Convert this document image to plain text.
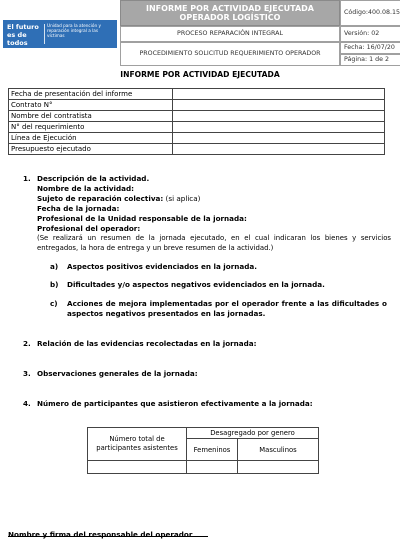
El futuro es de todos
Unidad para la atención y reparación integral a las víctimas
INFORME POR ACTIVIDAD EJECUTADA OPERADOR LOGÍSTICO
PROCESO REPARACIÓN INTEGRAL
PROCEDIMIENTO SOLICITUD REQUERIMIENTO OPERADOR
Código:400.08.15
Versión: 02
Fecha: 16/07/20
Página: 1 de 2
INFORME POR ACTIVIDAD EJECUTADA
Fecha de presentación del informe	
Contrato N°	
Nombre del contratista	
N° del requerimiento	
Línea de Ejecución	
Presupuesto ejecutado	
1. Descripción de la actividad.
Nombre de la actividad:
Sujeto de reparación colectiva: (si aplica)
Fecha de la jornada:
Profesional de la Unidad responsable de la jornada:
Profesional del operador:
(Se realizará un resumen de la jornada ejecutado, en el cual indicaran los bienes y servicios entregados, la hora de entrega y un breve resumen de la actividad.)
a)	Aspectos positivos evidenciados en la jornada.
b)	Dificultades y/o aspectos negativos evidenciados en la jornada.
c)	Acciones de mejora implementadas por el operador frente a las dificultades o aspectos negativos presentados en las jornadas.
2. Relación de las evidencias recolectadas en la jornada:
3. Observaciones generales de la jornada:
4. Número de participantes que asistieron efectivamente a la jornada:
Número total de participantes asistentes	Desagregado por genero	
	Femeninos	Masculinos

Nombre y firma del responsable del operador
